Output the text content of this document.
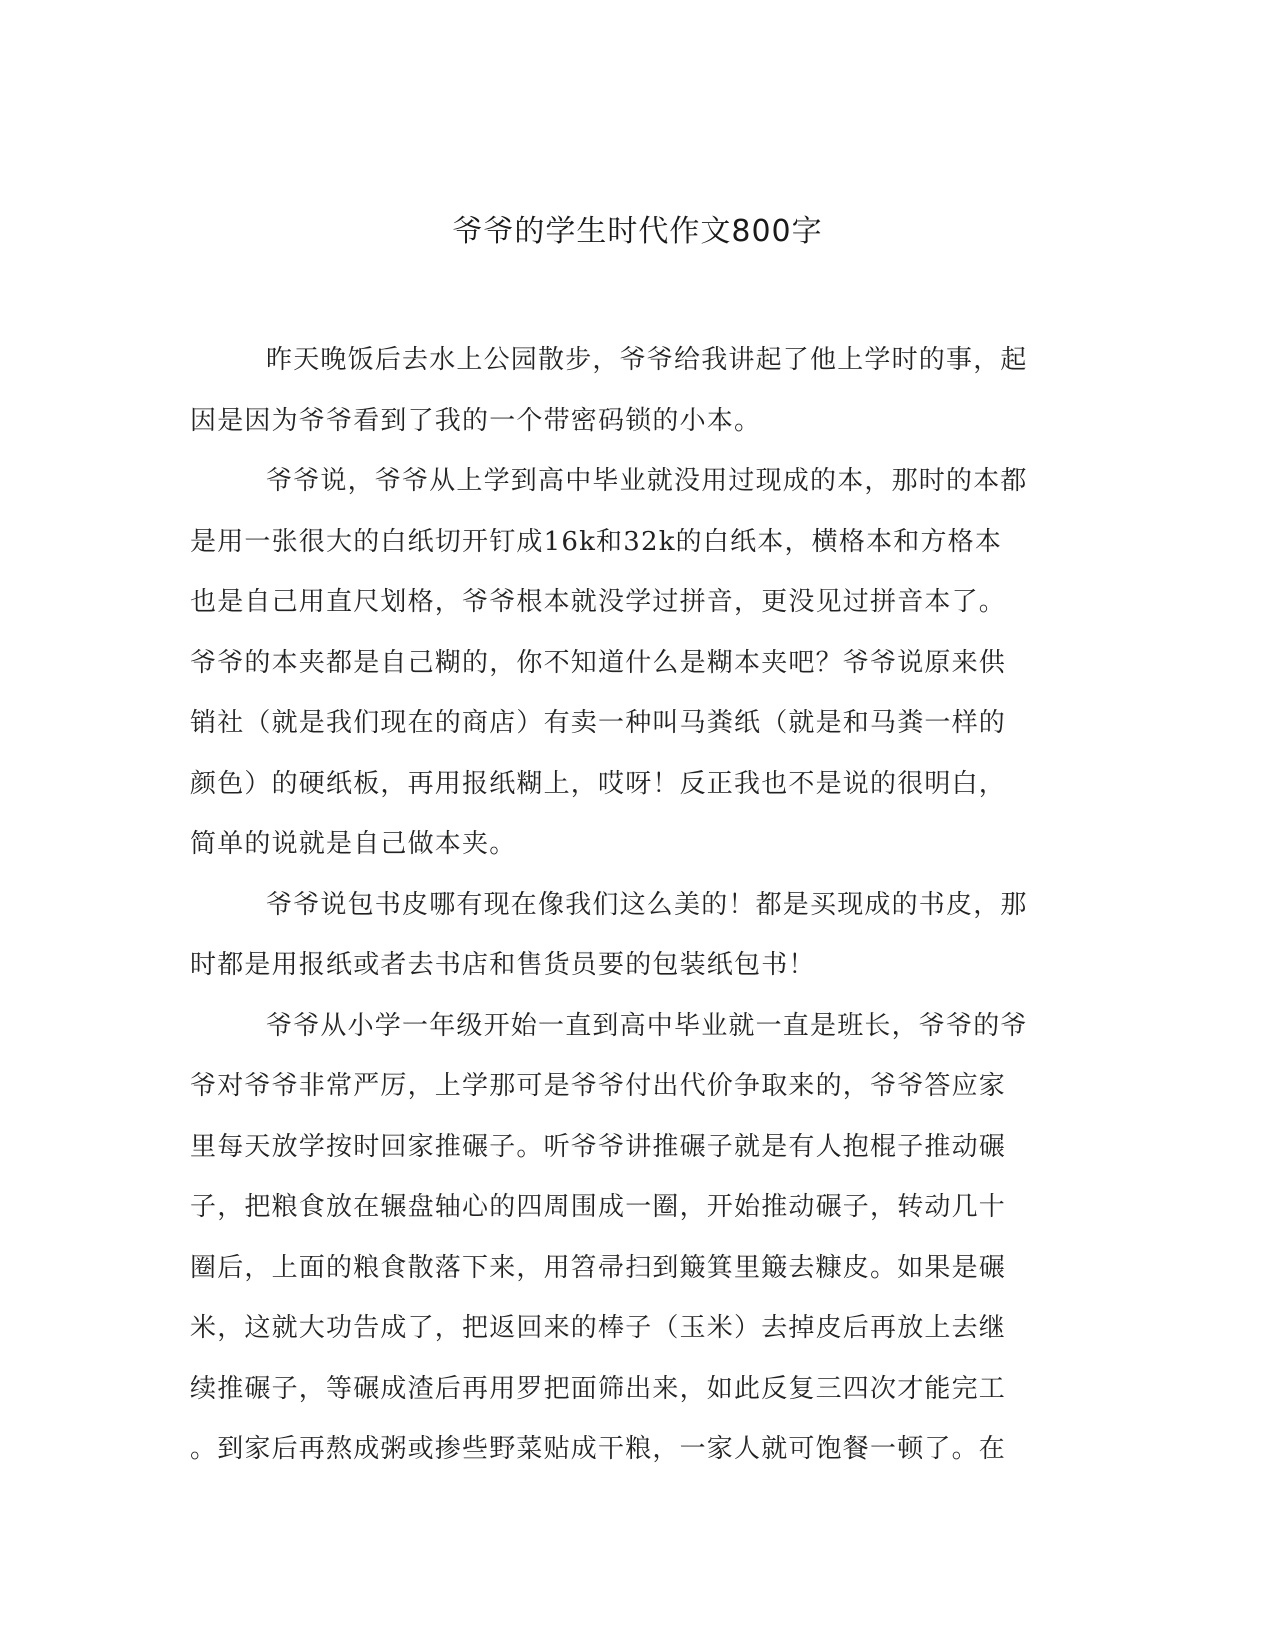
爷爷的学生时代作文800字
昨天晚饭后去水上公园散步，爷爷给我讲起了他上学时的事，起
因是因为爷爷看到了我的一个带密码锁的小本。
爷爷说，爷爷从上学到高中毕业就没用过现成的本，那时的本都
是用一张很大的白纸切开钉成16k和32k的白纸本，横格本和方格本
也是自己用直尺划格，爷爷根本就没学过拼音，更没见过拼音本了。
爷爷的本夹都是自己糊的，你不知道什么是糊本夹吧？爷爷说原来供
销社（就是我们现在的商店）有卖一种叫马粪纸（就是和马粪一样的
颜色）的硬纸板，再用报纸糊上，哎呀！反正我也不是说的很明白，
简单的说就是自己做本夹。
爷爷说包书皮哪有现在像我们这么美的！都是买现成的书皮，那
时都是用报纸或者去书店和售货员要的包装纸包书！
爷爷从小学一年级开始一直到高中毕业就一直是班长，爷爷的爷
爷对爷爷非常严厉，上学那可是爷爷付出代价争取来的，爷爷答应家
里每天放学按时回家推碾子。听爷爷讲推碾子就是有人抱棍子推动碾
子，把粮食放在辗盘轴心的四周围成一圈，开始推动碾子，转动几十
圈后，上面的粮食散落下来，用笤帚扫到簸箕里簸去糠皮。如果是碾
米，这就大功告成了，把返回来的棒子（玉米）去掉皮后再放上去继
续推碾子，等碾成渣后再用罗把面筛出来，如此反复三四次才能完工
。到家后再熬成粥或掺些野菜贴成干粮，一家人就可饱餐一顿了。在
